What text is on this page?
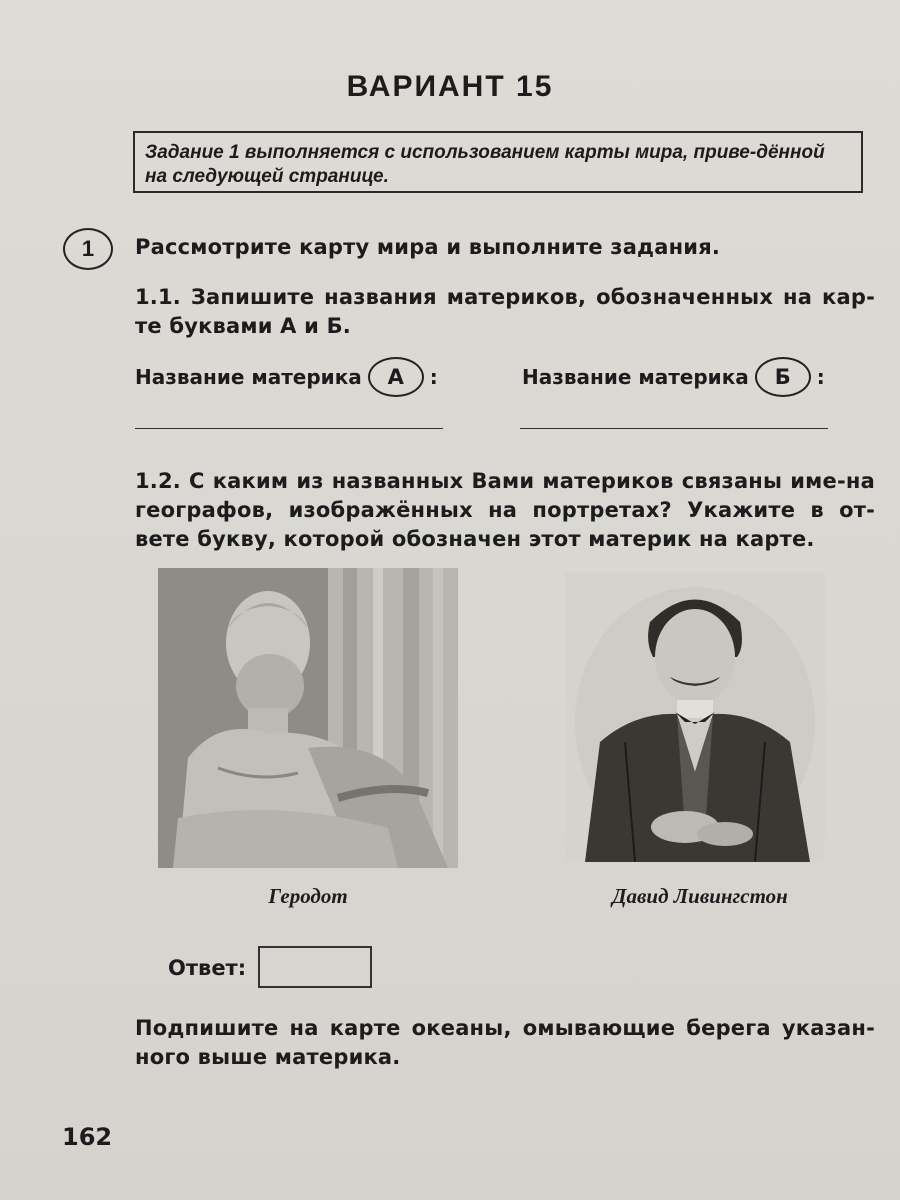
ВАРИАНТ 15
Задание 1 выполняется с использованием карты мира, приве-дённой на следующей странице.
1	Рассмотрите карту мира и выполните задания.
1.1. Запишите названия материков, обозначенных на кар-те буквами А и Б.
Название материка	А	:	Название материка	Б	:
1.2. С каким из названных Вами материков связаны име-на географов, изображённых на портретах? Укажите в от-вете букву, которой обозначен этот материк на карте.
Геродот	Давид Ливингстон
Ответ:
Подпишите на карте океаны, омывающие берега указан-ного выше материка.
162
